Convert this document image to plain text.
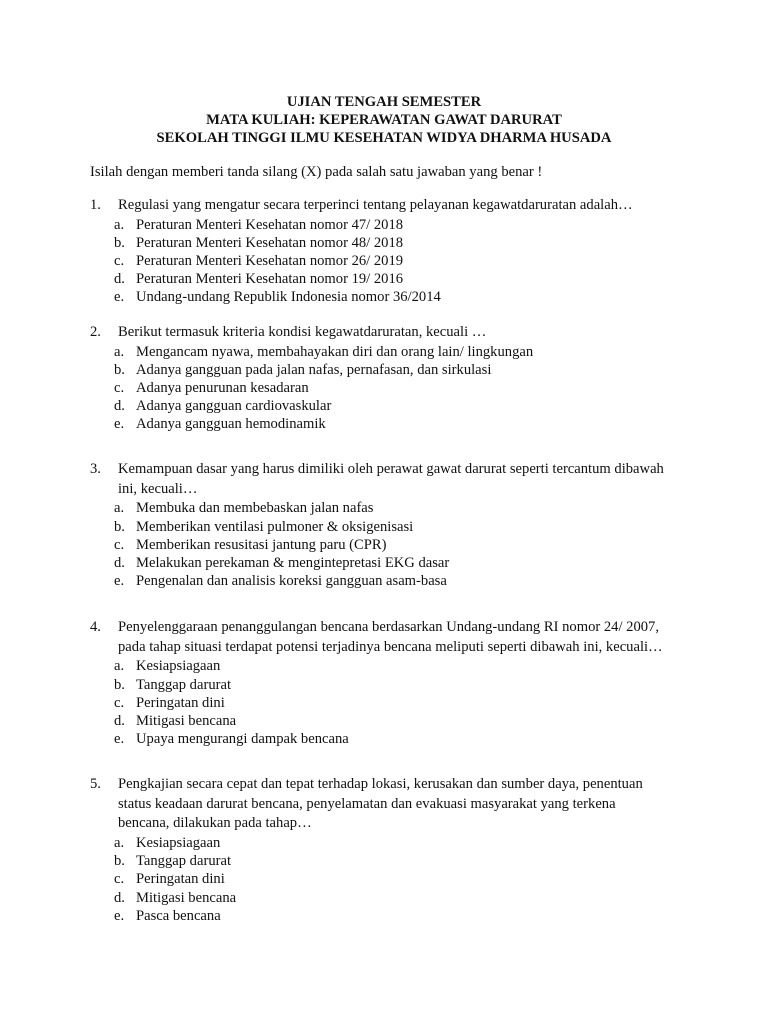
UJIAN TENGAH SEMESTER
MATA KULIAH: KEPERAWATAN GAWAT DARURAT
SEKOLAH TINGGI ILMU KESEHATAN WIDYA DHARMA HUSADA
Isilah dengan memberi tanda silang (X) pada salah satu jawaban yang benar !
1. Regulasi yang mengatur secara terperinci tentang pelayanan kegawatdaruratan adalah…
a. Peraturan Menteri Kesehatan nomor 47/ 2018
b. Peraturan Menteri Kesehatan nomor 48/ 2018
c. Peraturan Menteri Kesehatan nomor 26/ 2019
d. Peraturan Menteri Kesehatan nomor 19/ 2016
e. Undang-undang Republik Indonesia nomor 36/2014
2. Berikut termasuk kriteria kondisi kegawatdaruratan, kecuali …
a. Mengancam nyawa, membahayakan diri dan orang lain/ lingkungan
b. Adanya gangguan pada jalan nafas, pernafasan, dan sirkulasi
c. Adanya penurunan kesadaran
d. Adanya gangguan cardiovaskular
e. Adanya gangguan hemodinamik
3. Kemampuan dasar yang harus dimiliki oleh perawat gawat darurat seperti tercantum dibawah
ini, kecuali…
a. Membuka dan membebaskan jalan nafas
b. Memberikan ventilasi pulmoner & oksigenisasi
c. Memberikan resusitasi jantung paru (CPR)
d. Melakukan perekaman & mengintepretasi EKG dasar
e. Pengenalan dan analisis koreksi gangguan asam-basa
4. Penyelenggaraan penanggulangan bencana berdasarkan Undang-undang RI nomor 24/ 2007,
pada tahap situasi terdapat potensi terjadinya bencana meliputi seperti dibawah ini, kecuali…
a. Kesiapsiagaan
b. Tanggap darurat
c. Peringatan dini
d. Mitigasi bencana
e. Upaya mengurangi dampak bencana
5. Pengkajian secara cepat dan tepat terhadap lokasi, kerusakan dan sumber daya, penentuan
status keadaan darurat bencana, penyelamatan dan evakuasi masyarakat yang terkena
bencana, dilakukan pada tahap…
a. Kesiapsiagaan
b. Tanggap darurat
c. Peringatan dini
d. Mitigasi bencana
e. Pasca bencana
